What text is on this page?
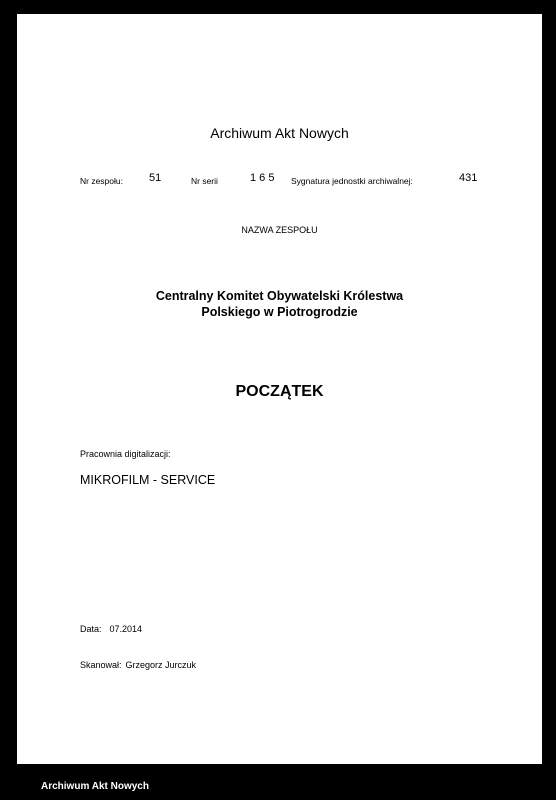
Archiwum Akt Nowych
Nr zespołu: 51	Nr serii	1 6 5 Sygnatura jednostki archiwalnej:	431
NAZWA ZESPOŁU
Centralny Komitet Obywatelski Królestwa
Polskiego w Piotrogrodzie
POCZĄTEK
Pracownia digitalizacji:
MIKROFILM - SERVICE
Data: 07.2014
Skanował: Grzegorz Jurczuk
Archiwum Akt Nowych
